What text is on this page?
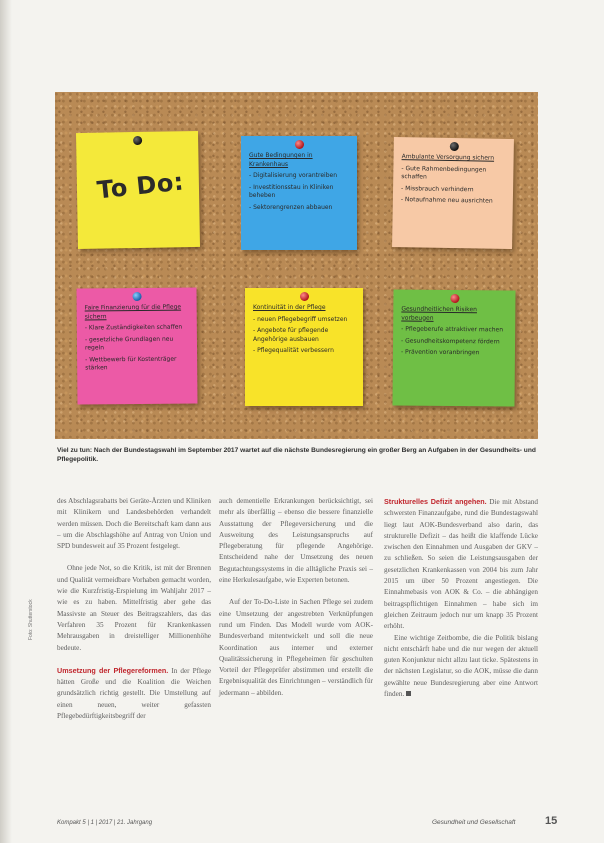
To Do:
Gute Bedingungen in Krankenhaus
- Digitalisierung vorantreiben
- Investitionsstau in Kliniken beheben
- Sektorengrenzen abbauen
Ambulante Versorgung sichern
- Gute Rahmenbedingungen schaffen
- Missbrauch verhindern
- Notaufnahme neu ausrichten
Faire Finanzierung für die Pflege sichern
- Klare Zuständigkeiten schaffen
- gesetzliche Grundlagen neu regeln
- Wettbewerb für Kostenträger stärken
Kontinuität in der Pflege
- neuen Pflegebegriff umsetzen
- Angebote für pflegende Angehörige ausbauen
- Pflegequalität verbessern
Gesundheitlichen Risiken vorbeugen
- Pflegeberufe attraktiver machen
- Gesundheitskompetenz fördern
- Prävention voranbringen
Viel zu tun: Nach der Bundestagswahl im September 2017 wartet auf die nächste Bundesregierung ein großer Berg an Aufgaben in der Gesundheits- und Pflegepolitik.

des Abschlagsrabatts bei Geräte-Ärzten und Kliniken mit Klinikern und Landesbehörden verhandelt werden müssen. Doch die Bereitschaft kam dann aus – um die Abschlagshöhe auf Antrag von Union und SPD bundesweit auf 35 Prozent festgelegt.

Ohne jede Not, so die Kritik, ist mit der Brennen und Qualität vermeidbare Vorhaben gemacht worden, wie die Kurzfristig-Erspielung im Wahljahr 2017 – wie es zu haben. Mittelfristig aber gehe das Massivste an Steuer des Beitragszahlers, das das Verfahren 35 Prozent für Krankenkassen Mehrausgaben in dreistelliger Millionenhöhe bedeute.

Umsetzung der Pflegereformen. In der Pflege hätten Große und die Koalition die Weichen grundsätzlich richtig gestellt. Die Umstellung auf einen neuen, weiter gefassten Pflegebedürftigkeitsbegriff der

auch dementielle Erkrankungen berücksichtigt, sei mehr als überfällig – ebenso die bessere finanzielle Ausstattung der Pflegeversicherung und die Ausweitung des Leistungsanspruchs auf Pflegeberatung für pflegende Angehörige. Entscheidend nahe der Umsetzung des neuen Begutachtungssystems in die alltägliche Praxis sei – eine Herkulesaufgabe, wie Experten betonen.

Auf der To-Do-Liste in Sachen Pflege sei zudem eine Umsetzung der angestrebten Verknüpfungen rund um Finden. Das Modell wurde vom AOK-Bundesverband mitentwickelt und soll die neue Koordination aus interner und externer Qualitätssicherung in Pflegeheimen für geschulten Vorteil der Pflegeprüfer abstimmen und erstellt die Ergebnisqualität des Einrichtungen – verständlich für jedermann – abbilden.

Strukturelles Defizit angehen. Die mit Abstand schwersten Finanzaufgabe, rund die Bundestagswahl liegt laut AOK-Bundesverband also darin, das strukturelle Defizit – das heißt die klaffende Lücke zwischen den Einnahmen und Ausgaben der GKV – zu schließen. So seien die Leistungsausgaben der gesetzlichen Krankenkassen von 2004 bis zum Jahr 2015 um über 50 Prozent angestiegen. Die Einnahmebasis von AOK & Co. – die abhängigen beitragspflichtigen Einnahmen – habe sich im gleichen Zeitraum jedoch nur um knapp 35 Prozent erhöht.

Eine wichtige Zeitbombe, die die Politik bislang nicht entschärft habe und die nur wegen der aktuell guten Konjunktur nicht allzu laut ticke. Spätestens in der nächsten Legislatur, so die AOK, müsse die dann gewählte neue Bundesregierung aber eine Antwort finden.

Foto: Shutterstock
Kompakt 5 | 1 | 2017 | 21. Jahrgang	Gesundheit und Gesellschaft	15
